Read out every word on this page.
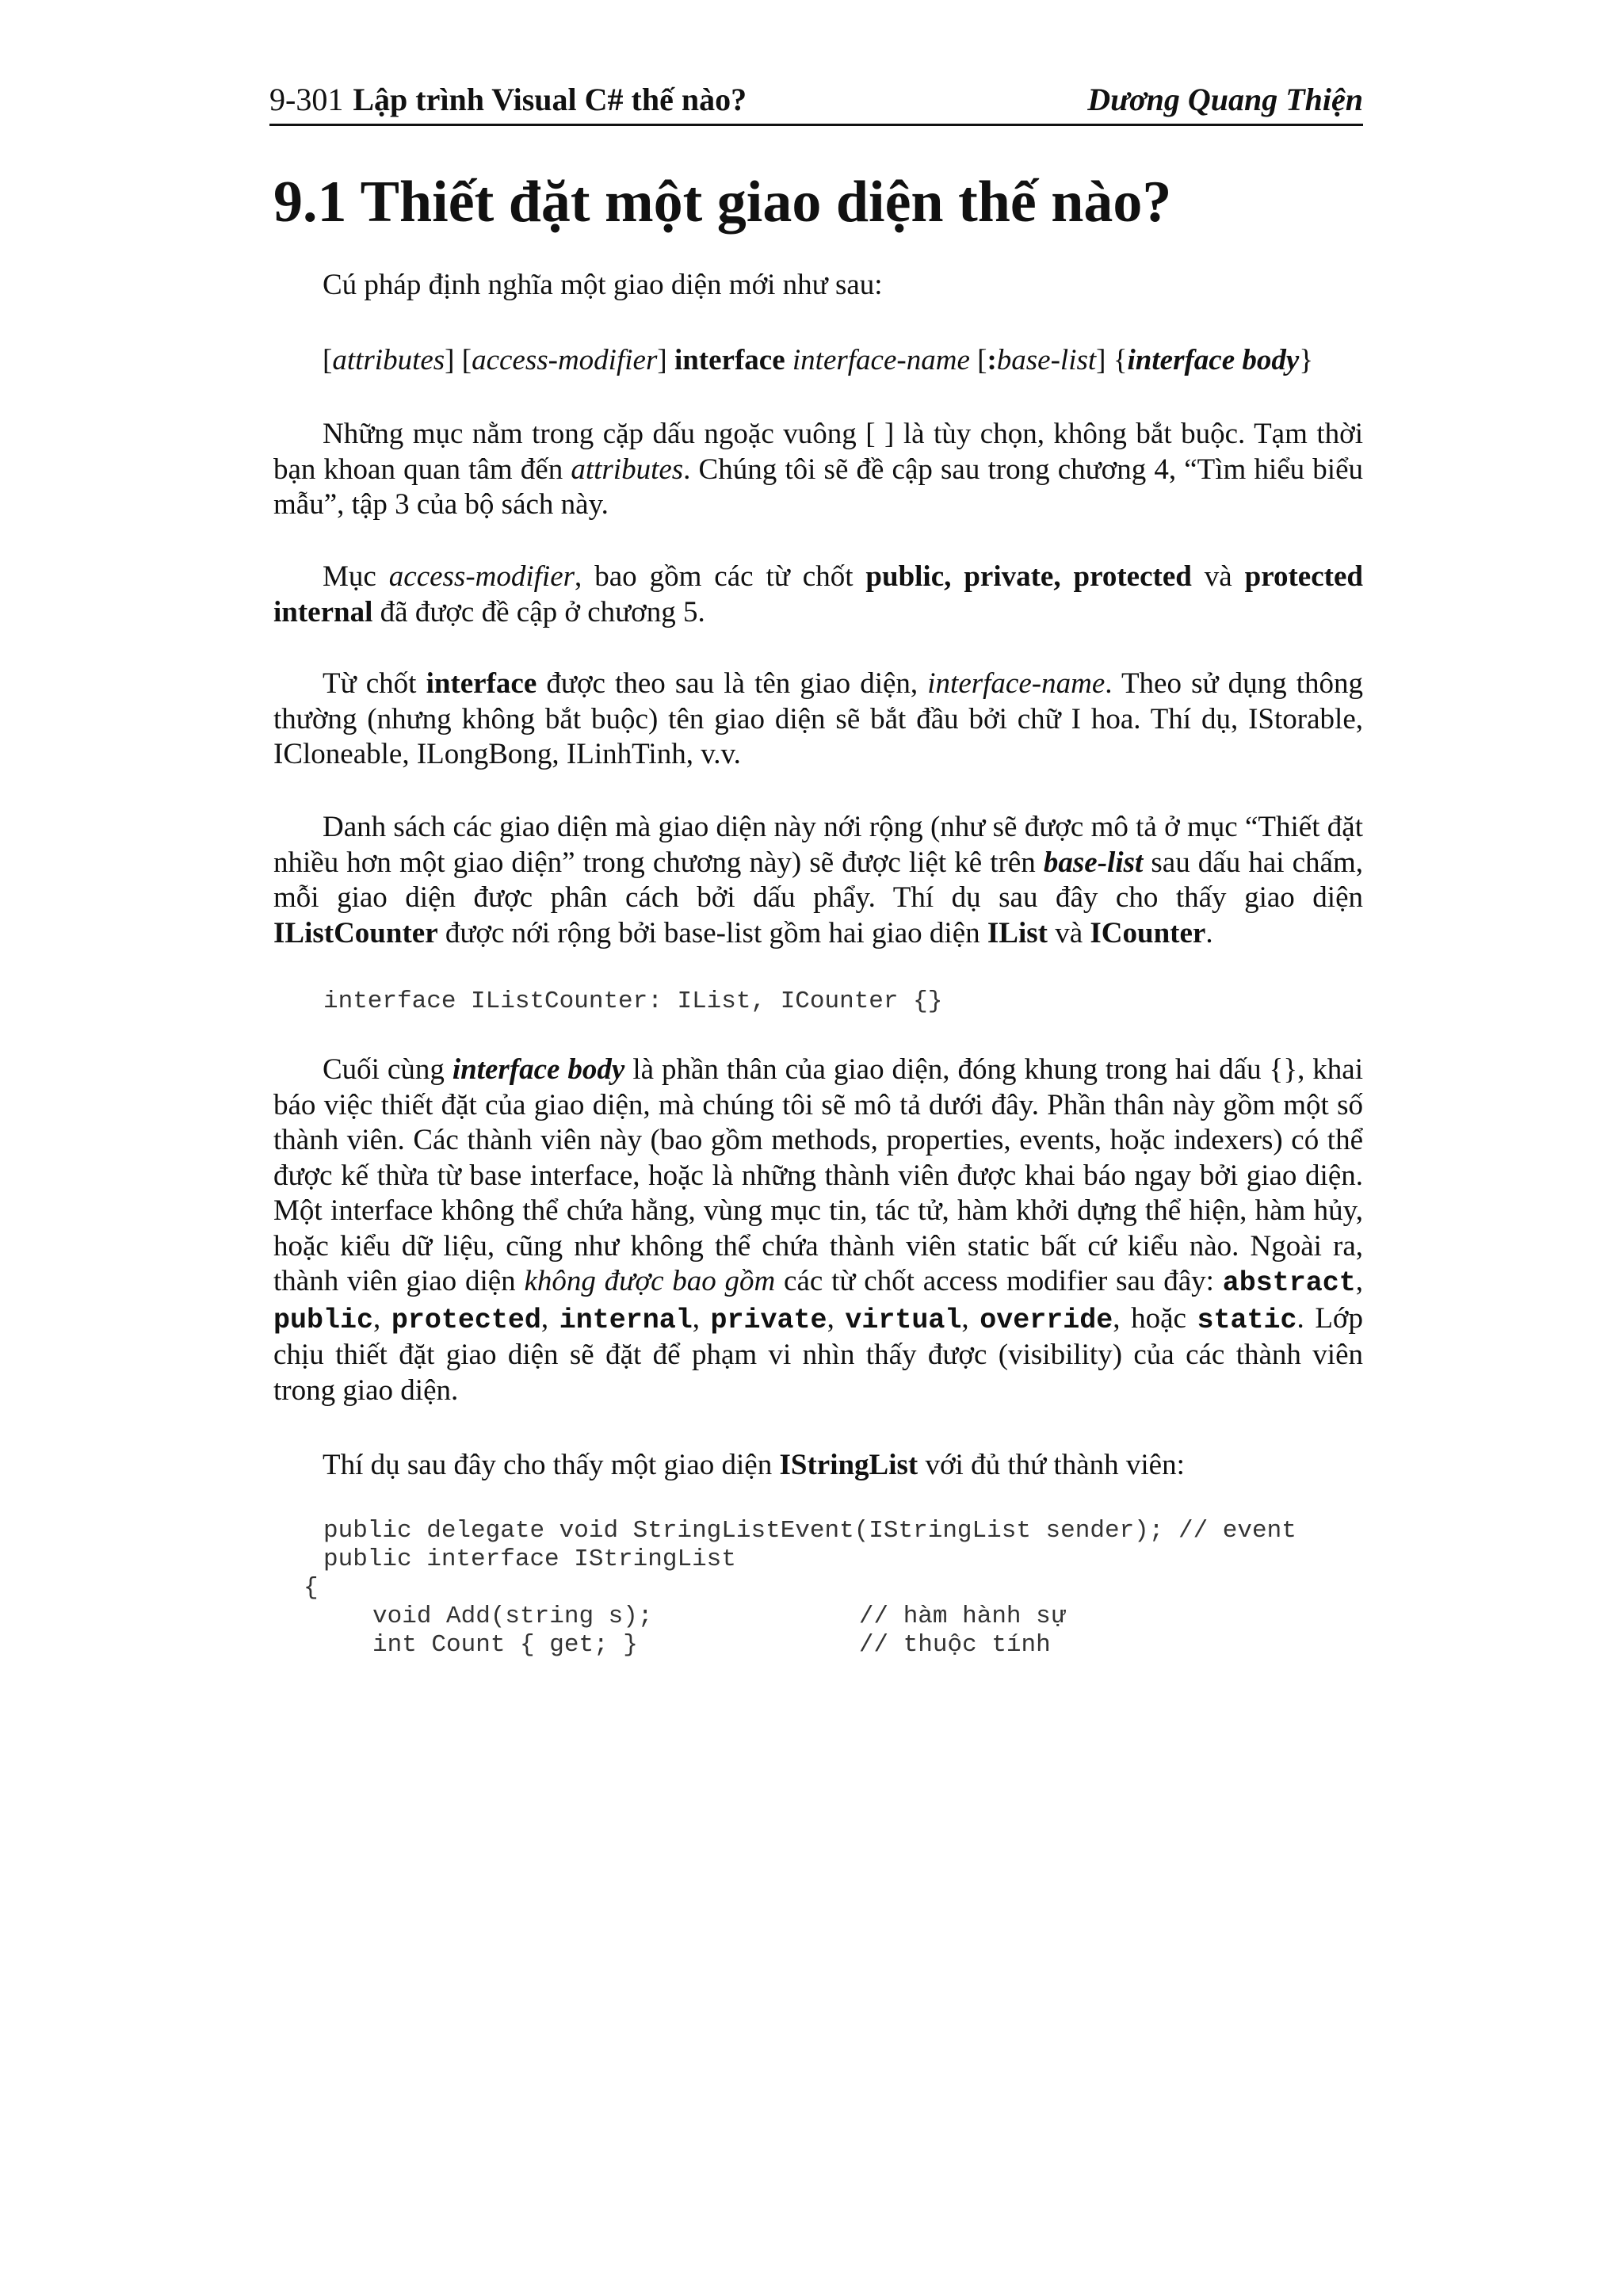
9-301 Lập trình Visual C# thế nào?	Dương Quang Thiện
9.1 Thiết đặt một giao diện thế nào?

Cú pháp định nghĩa một giao diện mới như sau:

[attributes] [access-modifier] interface interface-name [:base-list] {interface body}

Những mục nằm trong cặp dấu ngoặc vuông [ ] là tùy chọn, không bắt buộc. Tạm thời bạn khoan quan tâm đến attributes. Chúng tôi sẽ đề cập sau trong chương 4, “Tìm hiểu biểu mẫu”, tập 3 của bộ sách này.

Mục access-modifier, bao gồm các từ chốt public, private, protected và protected internal đã được đề cập ở chương 5.

Từ chốt interface được theo sau là tên giao diện, interface-name. Theo sử dụng thông thường (nhưng không bắt buộc) tên giao diện sẽ bắt đầu bởi chữ I hoa. Thí dụ, IStorable, ICloneable, ILongBong, ILinhTinh, v.v.

Danh sách các giao diện mà giao diện này nới rộng (như sẽ được mô tả ở mục “Thiết đặt nhiều hơn một giao diện” trong chương này) sẽ được liệt kê trên base-list sau dấu hai chấm, mỗi giao diện được phân cách bởi dấu phẩy. Thí dụ sau đây cho thấy giao diện IListCounter được nới rộng bởi base-list gồm hai giao diện IList và ICounter.

interface IListCounter: IList, ICounter {}

Cuối cùng interface body là phần thân của giao diện, đóng khung trong hai dấu {}, khai báo việc thiết đặt của giao diện, mà chúng tôi sẽ mô tả dưới đây. Phần thân này gồm một số thành viên. Các thành viên này (bao gồm methods, properties, events, hoặc indexers) có thể được kế thừa từ base interface, hoặc là những thành viên được khai báo ngay bởi giao diện. Một interface không thể chứa hằng, vùng mục tin, tác tử, hàm khởi dựng thể hiện, hàm hủy, hoặc kiểu dữ liệu, cũng như không thể chứa thành viên static bất cứ kiểu nào. Ngoài ra, thành viên giao diện không được bao gồm các từ chốt access modifier sau đây: abstract, public, protected, internal, private, virtual, override, hoặc static. Lớp chịu thiết đặt giao diện sẽ đặt để phạm vi nhìn thấy được (visibility) của các thành viên trong giao diện.

Thí dụ sau đây cho thấy một giao diện IStringList với đủ thứ thành viên:

public delegate void StringListEvent(IStringList sender); // event
public interface IStringList
{
void Add(string s);              // hàm hành sự
int Count { get; }               // thuộc tính
